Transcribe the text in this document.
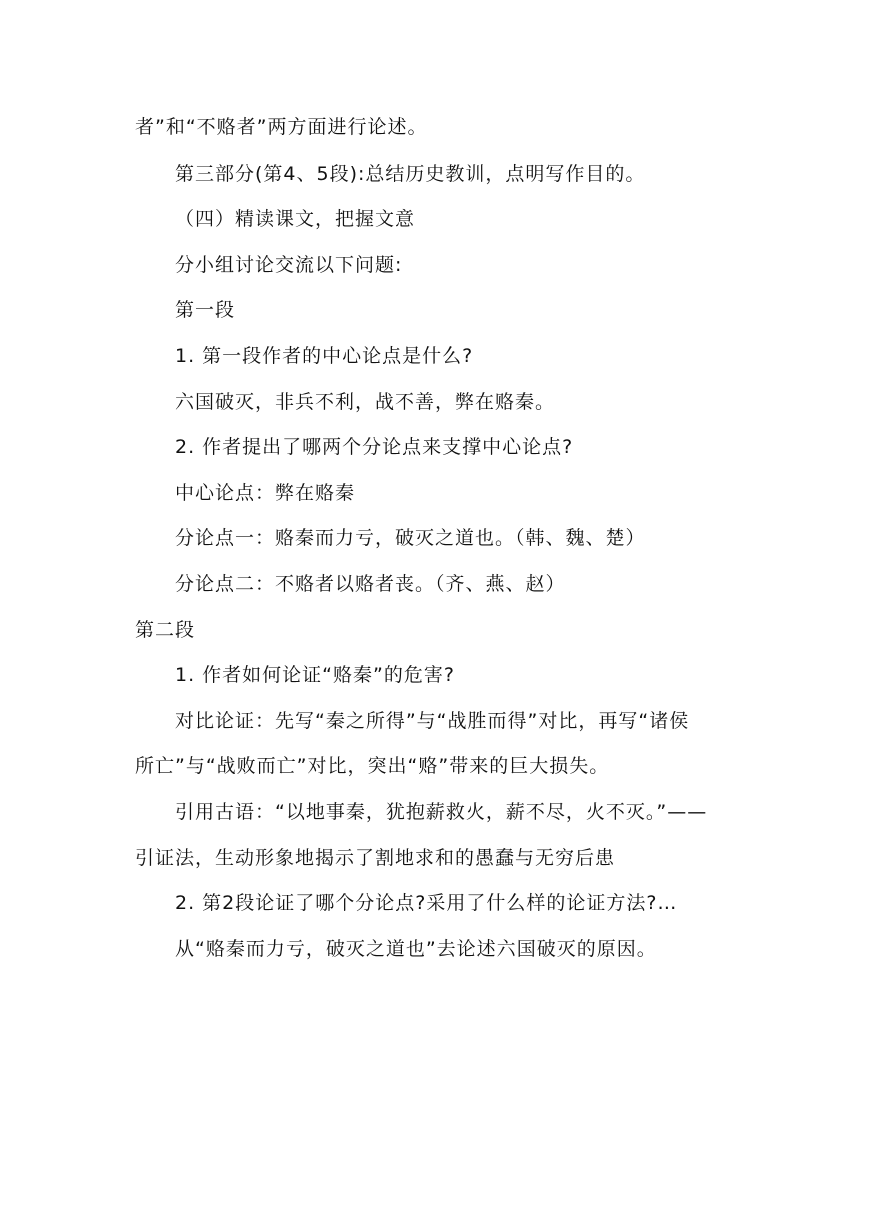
者”和“不赂者”两方面进行论述。
第三部分(第4、5段):总结历史教训，点明写作目的。
（四）精读课文，把握文意
分小组讨论交流以下问题:
第一段
1. 第一段作者的中心论点是什么?
六国破灭，非兵不利，战不善，弊在赂秦。
2. 作者提出了哪两个分论点来支撑中心论点?
中心论点：弊在赂秦
分论点一：赂秦而力亏，破灭之道也。（韩、魏、楚）
分论点二：不赂者以赂者丧。（齐、燕、赵）
第二段
1. 作者如何论证“赂秦”的危害?
对比论证：先写“秦之所得”与“战胜而得”对比，再写“诸侯
所亡”与“战败而亡”对比，突出“赂”带来的巨大损失。
引用古语：“以地事秦，犹抱薪救火，薪不尽，火不灭。”——
引证法，生动形象地揭示了割地求和的愚蠢与无穷后患
2. 第2段论证了哪个分论点?采用了什么样的论证方法?…
从“赂秦而力亏，破灭之道也”去论述六国破灭的原因。
